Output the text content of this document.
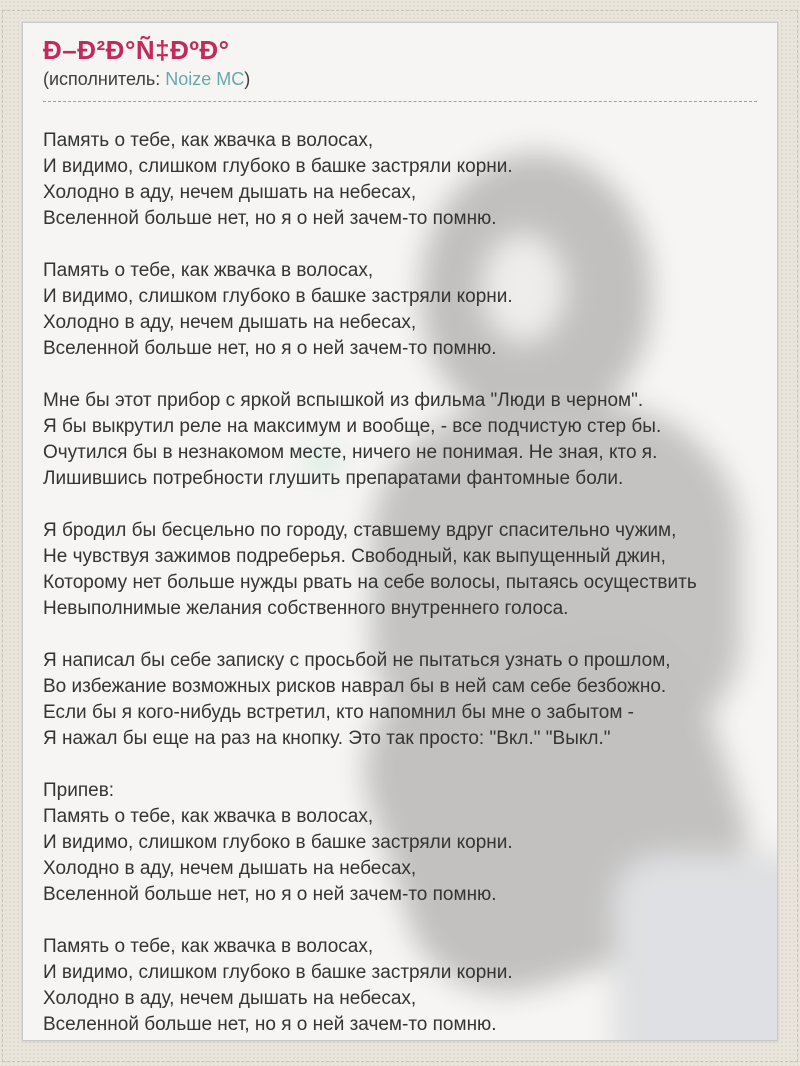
Ð–Ð²Ð°Ñ‡ÐºÐ°
(исполнитель: Noize MC)

Память о тебе, как жвачка в волосах,
И видимо, слишком глубоко в башке застряли корни.
Холодно в аду, нечем дышать на небесах,
Вселенной больше нет, но я о ней зачем-то помню.

Память о тебе, как жвачка в волосах,
И видимо, слишком глубоко в башке застряли корни.
Холодно в аду, нечем дышать на небесах,
Вселенной больше нет, но я о ней зачем-то помню.

Мне бы этот прибор с яркой вспышкой из фильма "Люди в черном".
Я бы выкрутил реле на максимум и вообще, - все подчистую стер бы.
Очутился бы в незнакомом месте, ничего не понимая. Не зная, кто я.
Лишившись потребности глушить препаратами фантомные боли.

Я бродил бы бесцельно по городу, ставшему вдруг спасительно чужим,
Не чувствуя зажимов подреберья. Свободный, как выпущенный джин,
Которому нет больше нужды рвать на себе волосы, пытаясь осуществить
Невыполнимые желания собственного внутреннего голоса.

Я написал бы себе записку с просьбой не пытаться узнать о прошлом,
Во избежание возможных рисков наврал бы в ней сам себе безбожно.
Если бы я кого-нибудь встретил, кто напомнил бы мне о забытом -
Я нажал бы еще на раз на кнопку. Это так просто: "Вкл." "Выкл."

Припев:
Память о тебе, как жвачка в волосах,
И видимо, слишком глубоко в башке застряли корни.
Холодно в аду, нечем дышать на небесах,
Вселенной больше нет, но я о ней зачем-то помню.

Память о тебе, как жвачка в волосах,
И видимо, слишком глубоко в башке застряли корни.
Холодно в аду, нечем дышать на небесах,
Вселенной больше нет, но я о ней зачем-то помню.
